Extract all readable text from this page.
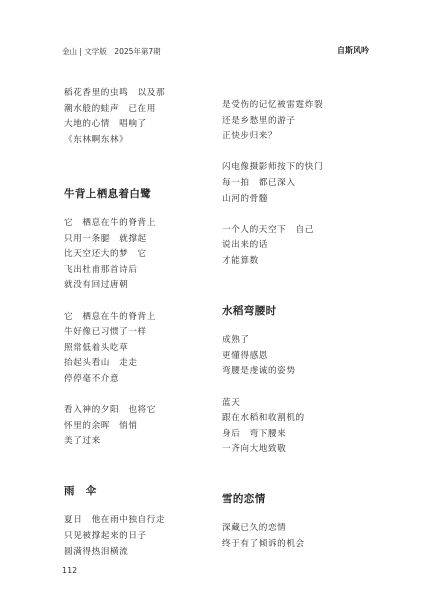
金山 | 文学版　2025年第7期	自斯风吟
稻花香里的虫鸣　以及那
潮水般的蛙声　已在用
大地的心情　唱响了
《东林啊东林》
牛背上栖息着白鹭
它　栖息在牛的脊背上
只用一条腿　就撑起
比天空还大的梦　它
飞出杜甫那首诗后
就没有回过唐朝
它　栖息在牛的脊背上
牛好像已习惯了一样
照常低着头吃草
抬起头看山　走走
停停毫不介意
看入神的夕阳　也将它
怀里的余晖　悄悄
美了过来
雨　伞
夏日　他在雨中独自行走
只见被撑起来的日子
圆满得热泪横流
是受伤的记忆被雷霆炸裂
还是乡愁里的游子
正快步归来？
闪电像摄影师按下的快门
每一拍　都已深入
山河的骨髓
一个人的天空下　自己
说出来的话
才能算数
水稻弯腰时
成熟了
更懂得感恩
弯腰是虔诚的姿势
蓝天
跟在水稻和收割机的
身后　弯下腰来
一齐向大地致敬
雪的恋情
深藏已久的恋情
终于有了倾诉的机会
112
